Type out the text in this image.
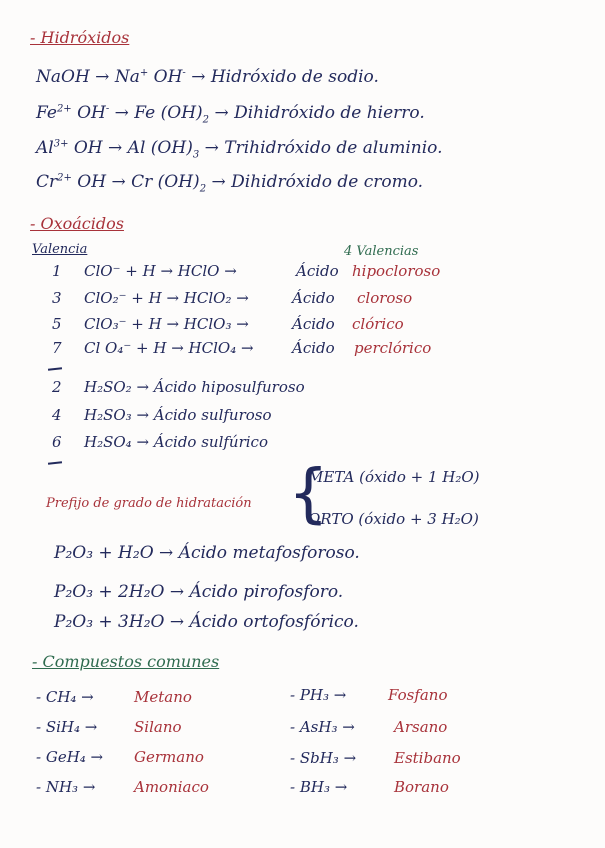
- Hidróxidos
NaOH → Na+ OH- → Hidróxido de sodio.
$Fe^{2+}$ OH- → Fe $(OH)_2$ → Dihidróxido de hierro.
$Al^{3+}$ OH → Al $(OH)_3$ → Trihidróxido de aluminio.
$Cr^{2+}$ OH → Cr $(OH)_2$ → Dihidróxido de cromo.
- Oxoácidos
Valencia	4 Valencias
1 ClO⁻ + H → HClO →	Ácido hipocloroso
3 ClO₂⁻ + H → HClO₂ →	Ácido cloroso
5 ClO₃⁻ + H → HClO₃ →	Ácido clórico
7 Cl O₄⁻ + H → HClO₄ →	Ácido perclórico
2 H₂SO₂ → Ácido hiposulfuroso
4 H₂SO₃ → Ácido sulfuroso
6 H₂SO₄ → Ácido sulfúrico
Prefijo de grado de hidratación {
META (óxido + 1 H₂O)
ORTO (óxido + 3 H₂O)
P₂O₃ + H₂O → Ácido metafosforoso.
P₂O₃ + 2H₂O → Ácido pirofosforo.
P₂O₃ + 3H₂O → Ácido ortofosfórico.
- Compuestos comunes
- CH₄ →	Metano
- SiH₄ → Silano
- GeH₄ → Germano
- NH₃ →	Amoniaco
- PH₃ →	Fosfano
- AsH₃ →	Arsano
- SbH₃ →	Estibano
- BH₃ →	Borano
